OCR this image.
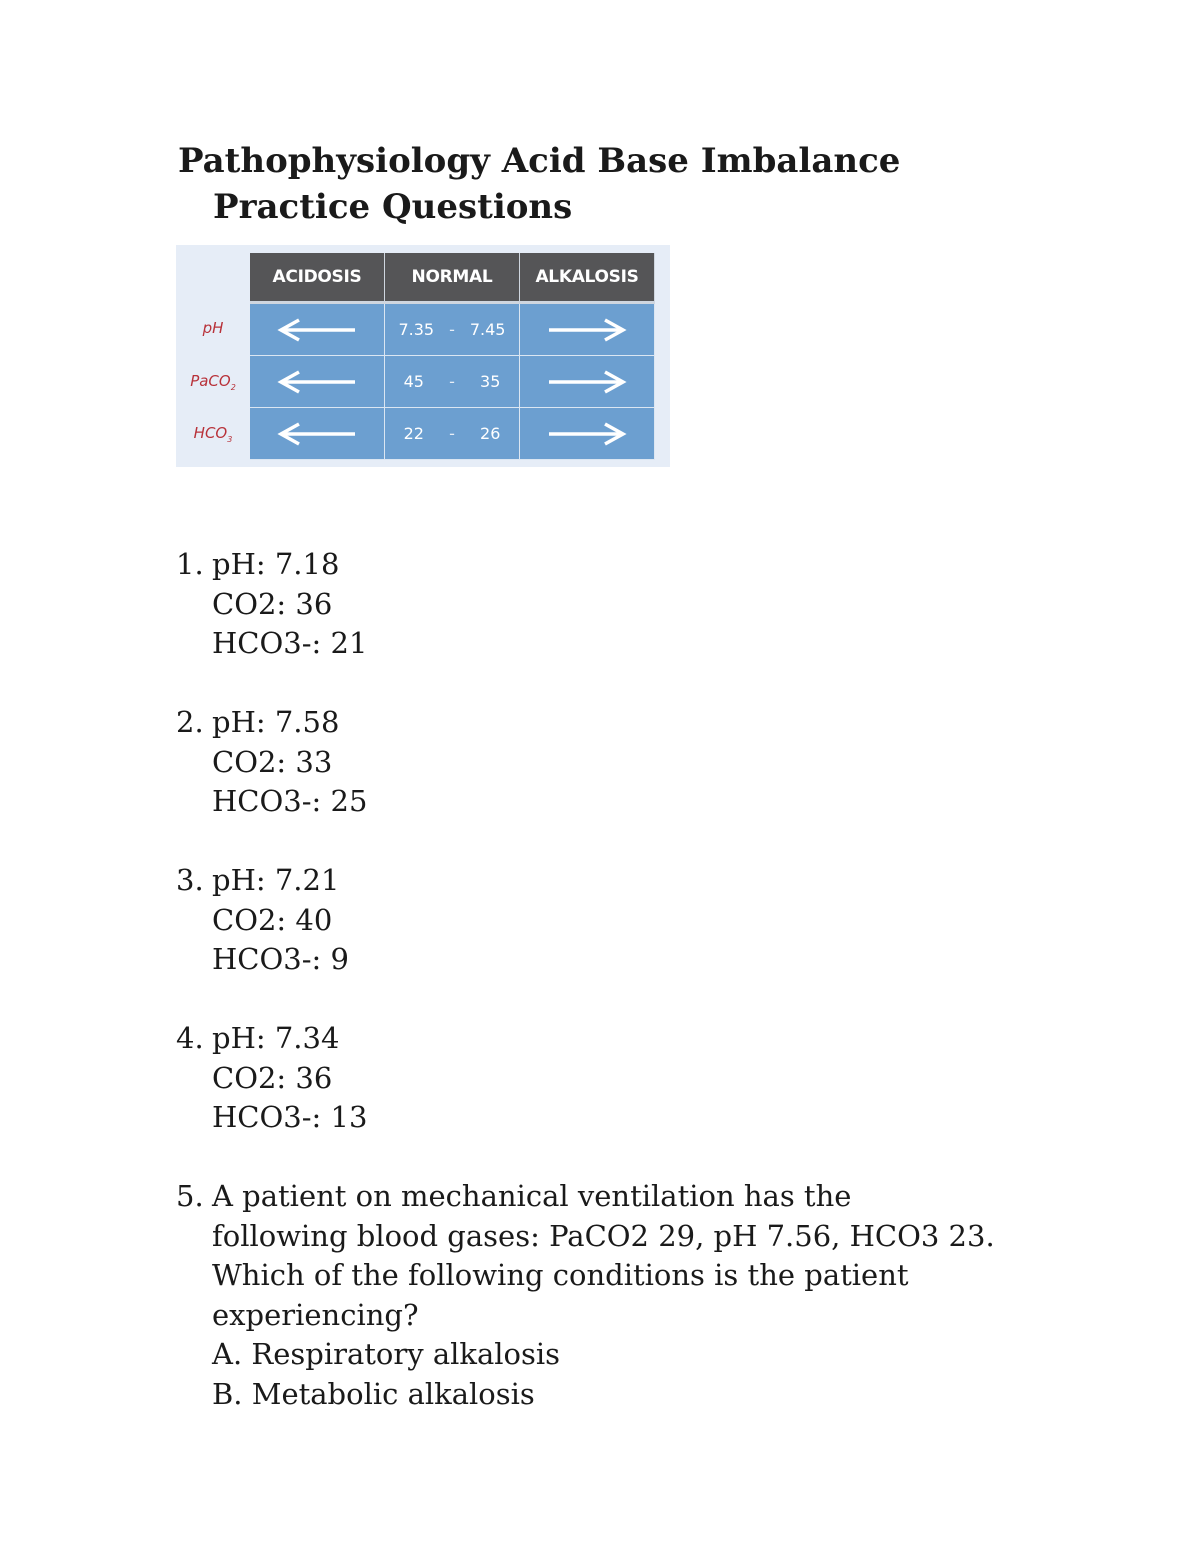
Pathophysiology Acid Base Imbalance
Practice Questions
	ACIDOSIS	NORMAL	ALKALOSIS
pH		7.35 - 7.45

PaCO$_2$		45 - 35

$HCO_3$		22 - 26

1. pH: 7.18
CO2: 36
HCO3-: 21
2. pH: 7.58
CO2: 33
HCO3-: 25
3. pH: 7.21
CO2: 40
HCO3-: 9
4. pH: 7.34
CO2: 36
HCO3-: 13
5. A patient on mechanical ventilation has the
following blood gases: PaCO2 29, pH 7.56, HCO3 23.
Which of the following conditions is the patient
experiencing?
A. Respiratory alkalosis
B. Metabolic alkalosis
